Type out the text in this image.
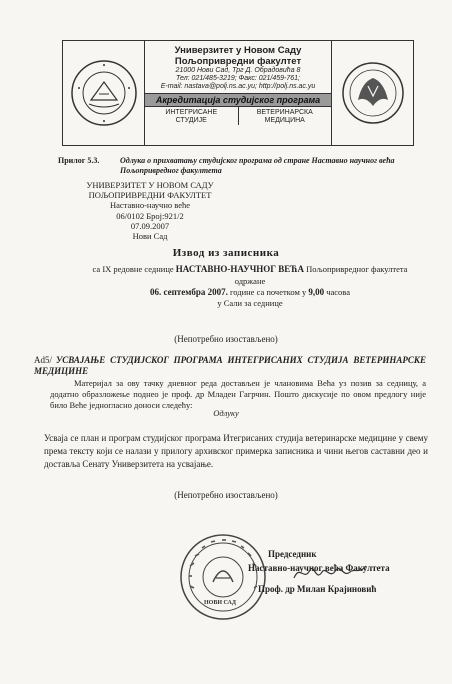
Универзитет у Новом Саду
Пољопривредни факултет
21000 Нови Сад, Трг Д. Обрадовића 8
Тел: 021/485-3219; Факс: 021/459-761;
E-mail: nastava@polj.ns.ac.yu; http://polj.ns.ac.yu
Акредитација студијског програма
ИНТЕГРИСАНЕ
СТУДИЈЕ
ВЕТЕРИНАРСКА
МЕДИЦИНА
Прилог 5.3.	Одлука о прихватању студијског програма од стране Наставно научног већа Пољопривредног факултета
УНИВЕРЗИТЕТ У НОВОМ САДУ
ПОЉОПРИВРЕДНИ ФАКУЛТЕТ
Наставно-научно веће
06/0102 Број:921/2
07.09.2007
Нови Сад
Извод из записника
са IX редовне седнице НАСТАВНО-НАУЧНОГ ВЕЋА Пољопривредног факултета
одржане
06. септембра 2007. године са почетком у 9,00 часова
у Сали за седнице
(Непотребно изостављено)
Ad5/ УСВАЈАЊЕ СТУДИЈСКОГ ПРОГРАМА ИНТЕГРИСАНИХ СТУДИЈА ВЕТЕРИНАРСКЕ МЕДИЦИНЕ
Материјал за ову тачку дневног реда достављен је члановима Већа уз позив за седницу, а додатно образложење поднео је проф. др Младен Гагрчин. Пошто дискусије по овом предлогу није било Веће једногласно доноси следећу:
Одлуку
Усваја се план и програм студијског програма Итегрисаних студија ветеринарске медицине у свему према тексту који се налази у прилогу архивског примерка записника и чини његов саставни део и доставља Сенату Универзитета на усвајање.
(Непотребно изостављено)
НОВИ САД
Председник
Наставно-научног већа Факултета
Проф. др Милан Крајиновић
